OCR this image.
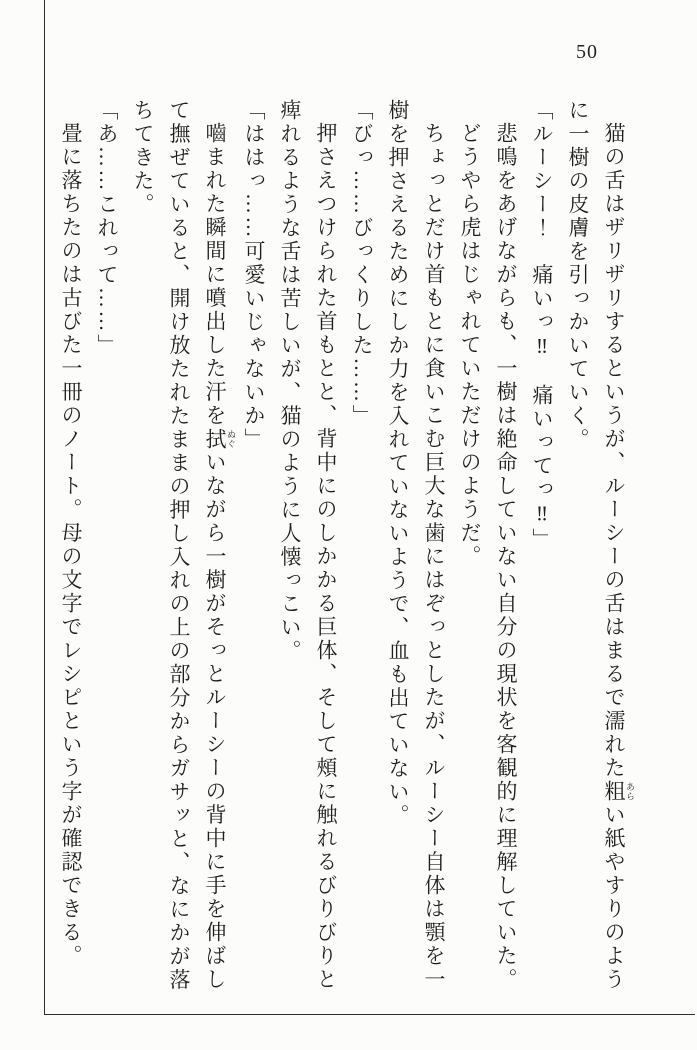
50

猫の舌はザリザリするというが、ルーシーの舌はまるで濡れた粗 あらい紙やすりのよう

に一樹の皮膚を引っかいていく。

「ルーシー！　痛いっ‼　痛いってっ‼」

悲鳴をあげながらも、一樹は絶命していない自分の現状を客観的に理解していた。

どうやら虎はじゃれていただけのようだ。

ちょっとだけ首もとに食いこむ巨大な歯にはぞっとしたが、ルーシー自体は顎を一

樹を押さえるためにしか力を入れていないようで、血も出ていない。

「びっ……びっくりした……」

押さえつけられた首もとと、背中にのしかかる巨体、そして頰に触れるびりびりと

痺れるような舌は苦しいが、猫のように人懐っこい。

「ははっ……可愛いじゃないか」

嚙まれた瞬間に噴出した汗を拭 ぬぐいながら一樹がそっとルーシーの背中に手を伸ばし

て撫ぜていると、開け放たれたままの押し入れの上の部分からガサッと、なにかが落

ちてきた。

「あ……これって……」

畳に落ちたのは古びた一冊のノート。母の文字でレシピという字が確認できる。
